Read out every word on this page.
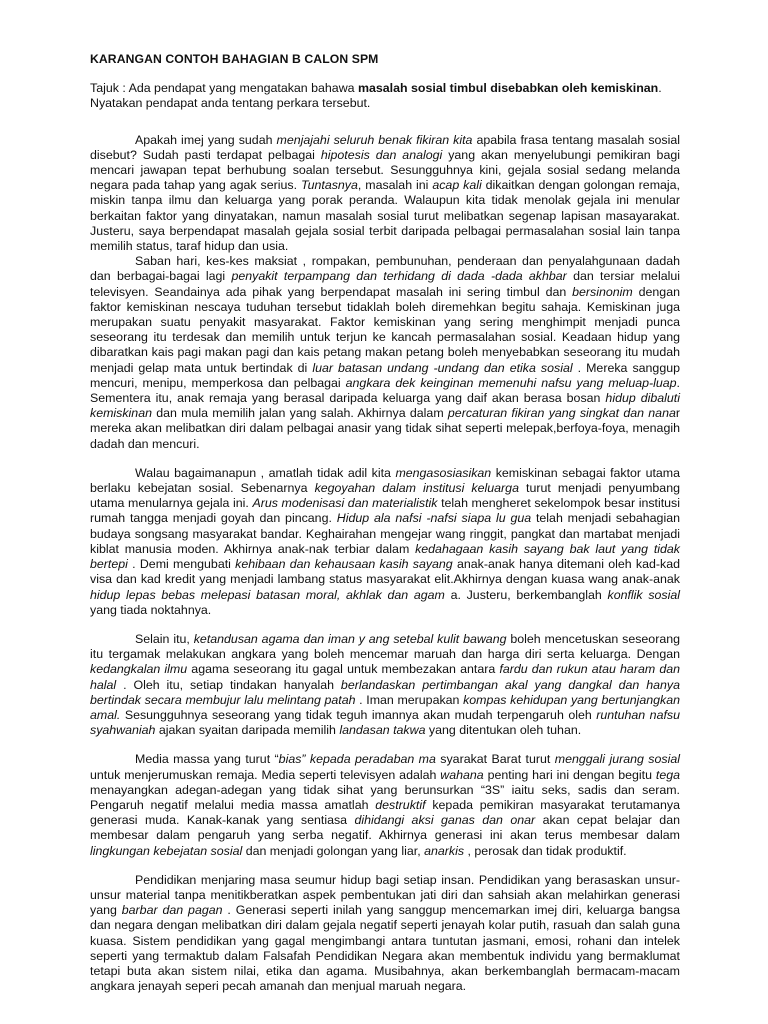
KARANGAN CONTOH BAHAGIAN B CALON SPM
Tajuk : Ada pendapat yang mengatakan bahawa masalah sosial timbul disebabkan oleh kemiskinan. Nyatakan pendapat anda tentang perkara tersebut.

Apakah imej yang sudah menjajahi seluruh benak fikiran kita apabila frasa tentang masalah sosial disebut? Sudah pasti terdapat pelbagai hipotesis dan analogi yang akan menyelubungi pemikiran bagi mencari jawapan tepat berhubung soalan tersebut. Sesungguhnya kini, gejala sosial sedang melanda negara pada tahap yang agak serius. Tuntasnya, masalah ini acap kali dikaitkan dengan golongan remaja, miskin tanpa ilmu dan keluarga yang porak peranda. Walaupun kita tidak menolak gejala ini menular berkaitan faktor yang dinyatakan, namun masalah sosial turut melibatkan segenap lapisan masayarakat. Justeru, saya berpendapat masalah gejala sosial terbit daripada pelbagai permasalahan sosial lain tanpa memilih status, taraf hidup dan usia.

Saban hari, kes-kes maksiat , rompakan, pembunuhan, penderaan dan penyalahgunaan dadah dan berbagai-bagai lagi penyakit terpampang dan terhidang di dada -dada akhbar dan tersiar melalui televisyen. Seandainya ada pihak yang berpendapat masalah ini sering timbul dan bersinonim dengan faktor kemiskinan nescaya tuduhan tersebut tidaklah boleh diremehkan begitu sahaja. Kemiskinan juga merupakan suatu penyakit masyarakat. Faktor kemiskinan yang sering menghimpit menjadi punca seseorang itu terdesak dan memilih untuk terjun ke kancah permasalahan sosial. Keadaan hidup yang dibaratkan kais pagi makan pagi dan kais petang makan petang boleh menyebabkan seseorang itu mudah menjadi gelap mata untuk bertindak di luar batasan undang -undang dan etika sosial . Mereka sanggup mencuri, menipu, memperkosa dan pelbagai angkara dek keinginan memenuhi nafsu yang meluap-luap. Sementera itu, anak remaja yang berasal daripada keluarga yang daif akan berasa bosan hidup dibaluti kemiskinan dan mula memilih jalan yang salah. Akhirnya dalam percaturan fikiran yang singkat dan nanar mereka akan melibatkan diri dalam pelbagai anasir yang tidak sihat seperti melepak,berfoya-foya, menagih dadah dan mencuri.

Walau bagaimanapun , amatlah tidak adil kita mengasosiasikan kemiskinan sebagai faktor utama berlaku kebejatan sosial. Sebenarnya kegoyahan dalam institusi keluarga turut menjadi penyumbang utama menularnya gejala ini. Arus modenisasi dan materialistik telah mengheret sekelompok besar institusi rumah tangga menjadi goyah dan pincang. Hidup ala nafsi -nafsi siapa lu gua telah menjadi sebahagian budaya songsang masyarakat bandar. Keghairahan mengejar wang ringgit, pangkat dan martabat menjadi kiblat manusia moden. Akhirnya anak-nak terbiar dalam kedahagaan kasih sayang bak laut yang tidak bertepi . Demi mengubati kehibaan dan kehausaan kasih sayang anak-anak hanya ditemani oleh kad-kad visa dan kad kredit yang menjadi lambang status masyarakat elit.Akhirnya dengan kuasa wang anak-anak hidup lepas bebas melepasi batasan moral, akhlak dan agam a. Justeru, berkembanglah konflik sosial yang tiada noktahnya.

Selain itu, ketandusan agama dan iman y ang setebal kulit bawang boleh mencetuskan seseorang itu tergamak melakukan angkara yang boleh mencemar maruah dan harga diri serta keluarga. Dengan kedangkalan ilmu agama seseorang itu gagal untuk membezakan antara fardu dan rukun atau haram dan halal . Oleh itu, setiap tindakan hanyalah berlandaskan pertimbangan akal yang dangkal dan hanya bertindak secara membujur lalu melintang patah . Iman merupakan kompas kehidupan yang bertunjangkan amal. Sesungguhnya seseorang yang tidak teguh imannya akan mudah terpengaruh oleh runtuhan nafsu syahwaniah ajakan syaitan daripada memilih landasan takwa yang ditentukan oleh tuhan.

Media massa yang turut “bias” kepada peradaban ma syarakat Barat turut menggali jurang sosial untuk menjerumuskan remaja. Media seperti televisyen adalah wahana penting hari ini dengan begitu tega menayangkan adegan-adegan yang tidak sihat yang berunsurkan “3S” iaitu seks, sadis dan seram. Pengaruh negatif melalui media massa amatlah destruktif kepada pemikiran masyarakat terutamanya generasi muda. Kanak-kanak yang sentiasa dihidangi aksi ganas dan onar akan cepat belajar dan membesar dalam pengaruh yang serba negatif. Akhirnya generasi ini akan terus membesar dalam lingkungan kebejatan sosial dan menjadi golongan yang liar, anarkis , perosak dan tidak produktif.

Pendidikan menjaring masa seumur hidup bagi setiap insan. Pendidikan yang berasaskan unsur-unsur material tanpa menitikberatkan aspek pembentukan jati diri dan sahsiah akan melahirkan generasi yang barbar dan pagan . Generasi seperti inilah yang sanggup mencemarkan imej diri, keluarga bangsa dan negara dengan melibatkan diri dalam gejala negatif seperti jenayah kolar putih, rasuah dan salah guna kuasa. Sistem pendidikan yang gagal mengimbangi antara tuntutan jasmani, emosi, rohani dan intelek seperti yang termaktub dalam Falsafah Pendidikan Negara akan membentuk individu yang bermaklumat tetapi buta akan sistem nilai, etika dan agama. Musibahnya, akan berkembanglah bermacam-macam angkara jenayah seperi pecah amanah dan menjual maruah negara.
